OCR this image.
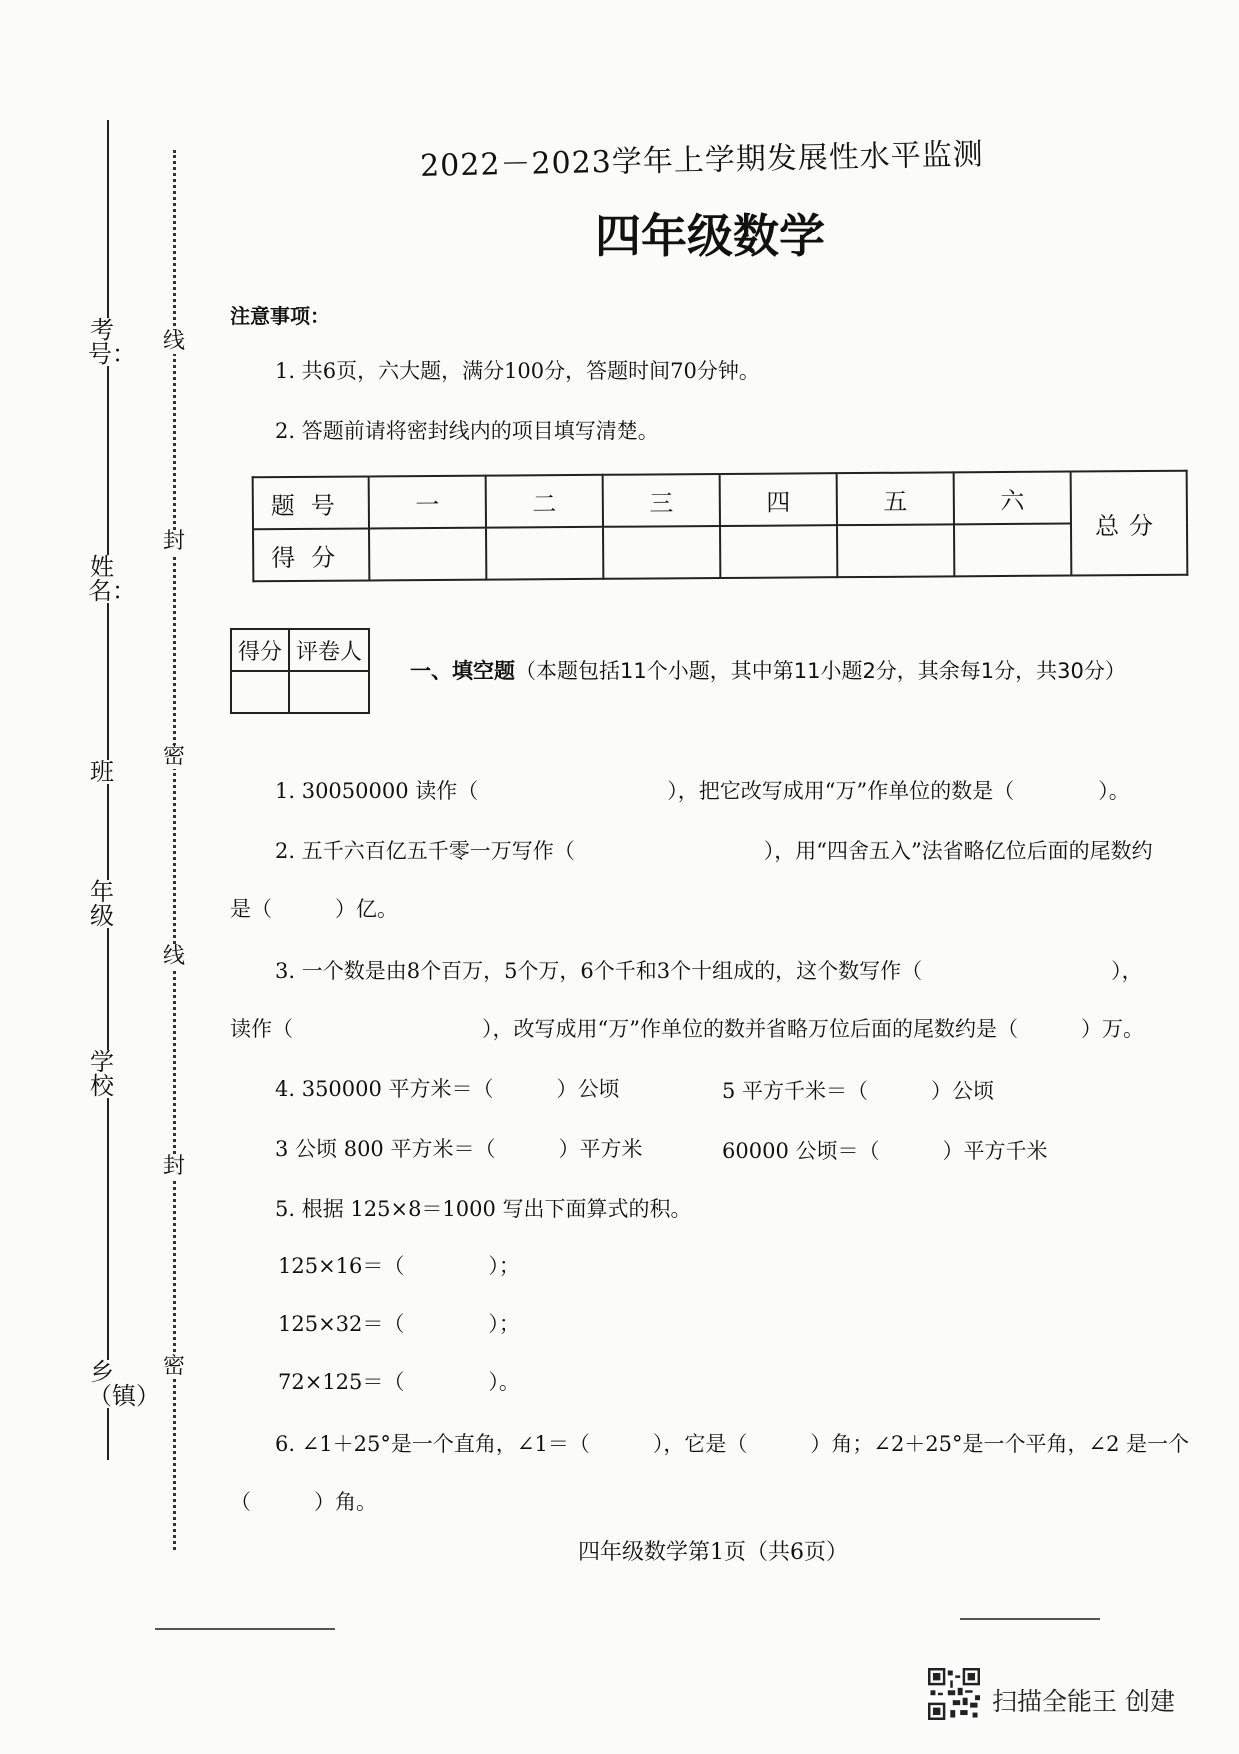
考号：
姓名：
班
年级
学校
乡（镇）
线
封
密
线
封
密
2022－2023学年上学期发展性水平监测
四年级数学
注意事项：
1. 共6页，六大题，满分100分，答题时间70分钟。
2. 答题前请将密封线内的项目填写清楚。
题号	一	二	三	四	五	六	总分
得分							
得分	评卷人

一、填空题（本题包括11个小题，其中第11小题2分，其余每1分，共30分）
1. 30050000 读作（　　　　　　　　　），把它改写成用“万”作单位的数是（　　　　）。
2. 五千六百亿五千零一万写作（　　　　　　　　　），用“四舍五入”法省略亿位后面的尾数约
是（　　　）亿。
3. 一个数是由8个百万，5个万，6个千和3个十组成的，这个数写作（　　　　　　　　　），
读作（　　　　　　　　　），改写成用“万”作单位的数并省略万位后面的尾数约是（　　　）万。
4. 350000 平方米＝（　　　）公顷	5 平方千米＝（　　　）公顷
3 公顷 800 平方米＝（　　　）平方米	60000 公顷＝（　　　）平方千米
5. 根据 125×8＝1000 写出下面算式的积。
125×16＝（　　　　）；
125×32＝（　　　　）；
72×125＝（　　　　）。
6. ∠1＋25°是一个直角，∠1＝（　　　），它是（　　　）角；∠2＋25°是一个平角，∠2 是一个
（　　　）角。
四年级数学第1页（共6页）
扫描全能王 创建
